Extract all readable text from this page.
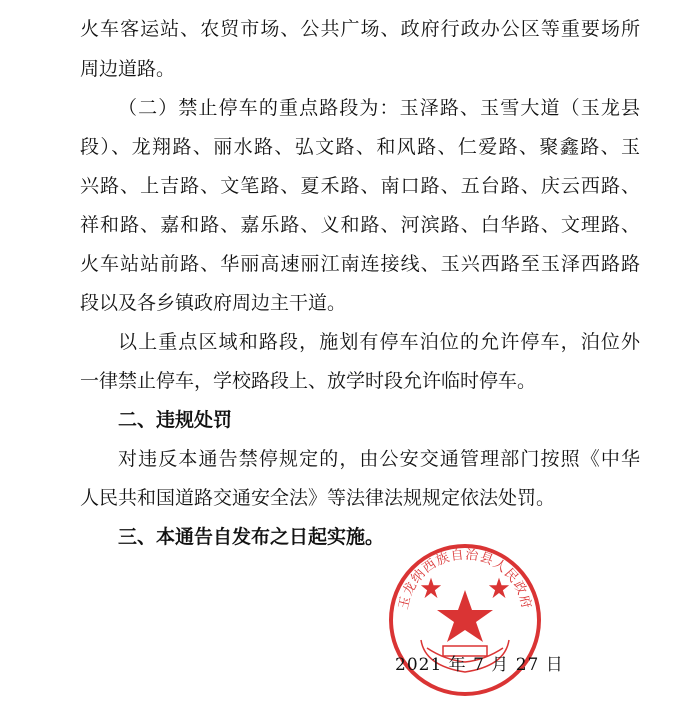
火车客运站、农贸市场、公共广场、政府行政办公区等重要场所
周边道路。
（二）禁止停车的重点路段为：玉泽路、玉雪大道（玉龙县
段）、龙翔路、丽水路、弘文路、和风路、仁爱路、聚鑫路、玉
兴路、上吉路、文笔路、夏禾路、南口路、五台路、庆云西路、
祥和路、嘉和路、嘉乐路、义和路、河滨路、白华路、文理路、
火车站站前路、华丽高速丽江南连接线、玉兴西路至玉泽西路路
段以及各乡镇政府周边主干道。
以上重点区域和路段，施划有停车泊位的允许停车，泊位外
一律禁止停车，学校路段上、放学时段允许临时停车。
二、违规处罚
对违反本通告禁停规定的，由公安交通管理部门按照《中华
人民共和国道路交通安全法》等法律法规规定依法处罚。
三、本通告自发布之日起实施。
玉龙纳西族自治县人民政府
2021 年 7 月 27 日
